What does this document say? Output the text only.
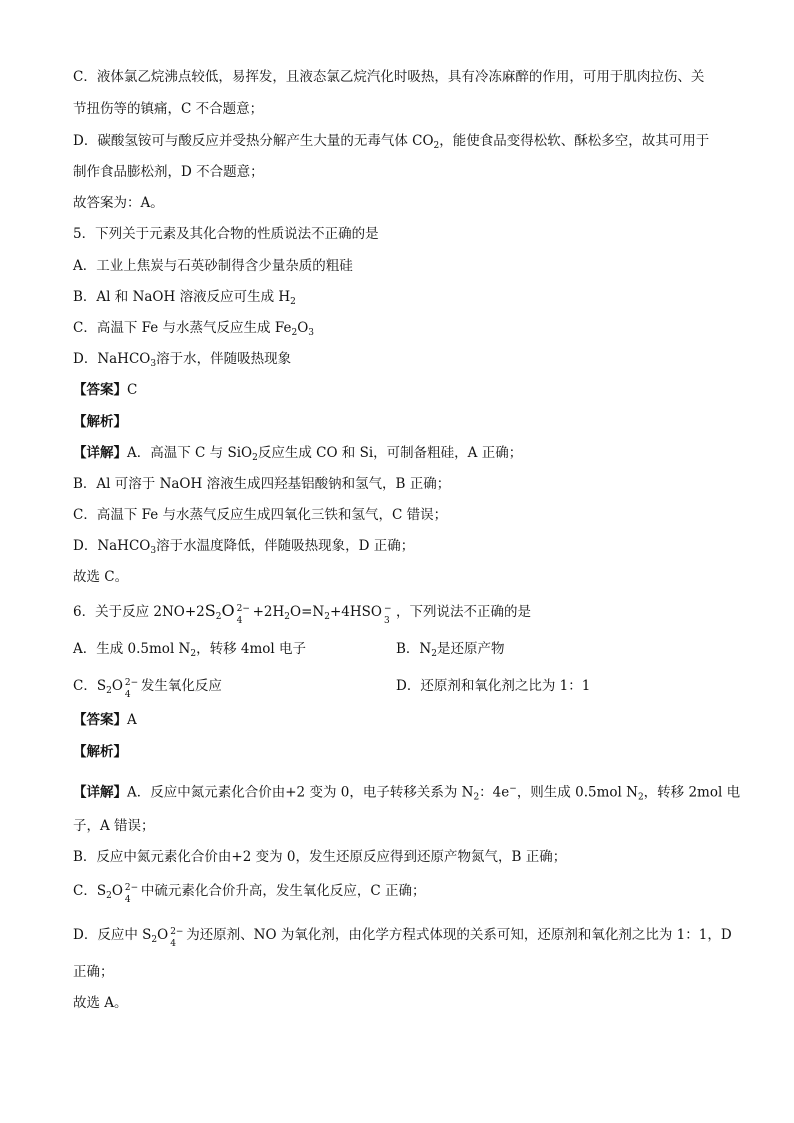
C．液体氯乙烷沸点较低，易挥发，且液态氯乙烷汽化时吸热，具有冷冻麻醉的作用，可用于肌肉拉伤、关
节扭伤等的镇痛，C 不合题意；
D．碳酸氢铵可与酸反应并受热分解产生大量的无毒气体 $CO_2$，能使食品变得松软、酥松多空，故其可用于
制作食品膨松剂，D 不合题意；
故答案为：A。
5．下列关于元素及其化合物的性质说法不正确的是
A．工业上焦炭与石英砂制得含少量杂质的粗硅
B．Al 和 NaOH 溶液反应可生成 $H_2$
C．高温下 Fe 与水蒸气反应生成 $Fe_2O_3$
D．NaHCO$_3$溶于水，伴随吸热现象
【答案】C
【解析】
【详解】A．高温下 C 与 SiO$_2$反应生成 CO 和 Si，可制备粗硅，A 正确；
B．Al 可溶于 NaOH 溶液生成四羟基铝酸钠和氢气，B 正确；
C．高温下 Fe 与水蒸气反应生成四氧化三铁和氢气，C 错误；
D．NaHCO$_3$溶于水温度降低，伴随吸热现象，D 正确；
故选 C。
6．关于反应 $2NO+2S_2O$ 2−
4
$+2H_2O=N_2+4HSO$ −
3
，下列说法不正确的是
A．生成 0.5mol $N_2$，转移 4mol 电子	B．$N_2$是还原产物
C．$S_2O$ 2−
4
发生氧化反应	D．还原剂和氧化剂之比为 1：1
【答案】A
【解析】
【详解】A．反应中氮元素化合价由+2 变为 0，电子转移关系为 $N_2$：4e−，则生成 0.5mol $N_2$，转移 2mol 电
子，A 错误；
B．反应中氮元素化合价由+2 变为 0，发生还原反应得到还原产物氮气，B 正确；
C．$S_2O$ 2−
4
中硫元素化合价升高，发生氧化反应，C 正确；
D．反应中 $S_2O$ 2−
4
为还原剂、NO 为氧化剂，由化学方程式体现的关系可知，还原剂和氧化剂之比为 1：1，D
正确；
故选 A。
